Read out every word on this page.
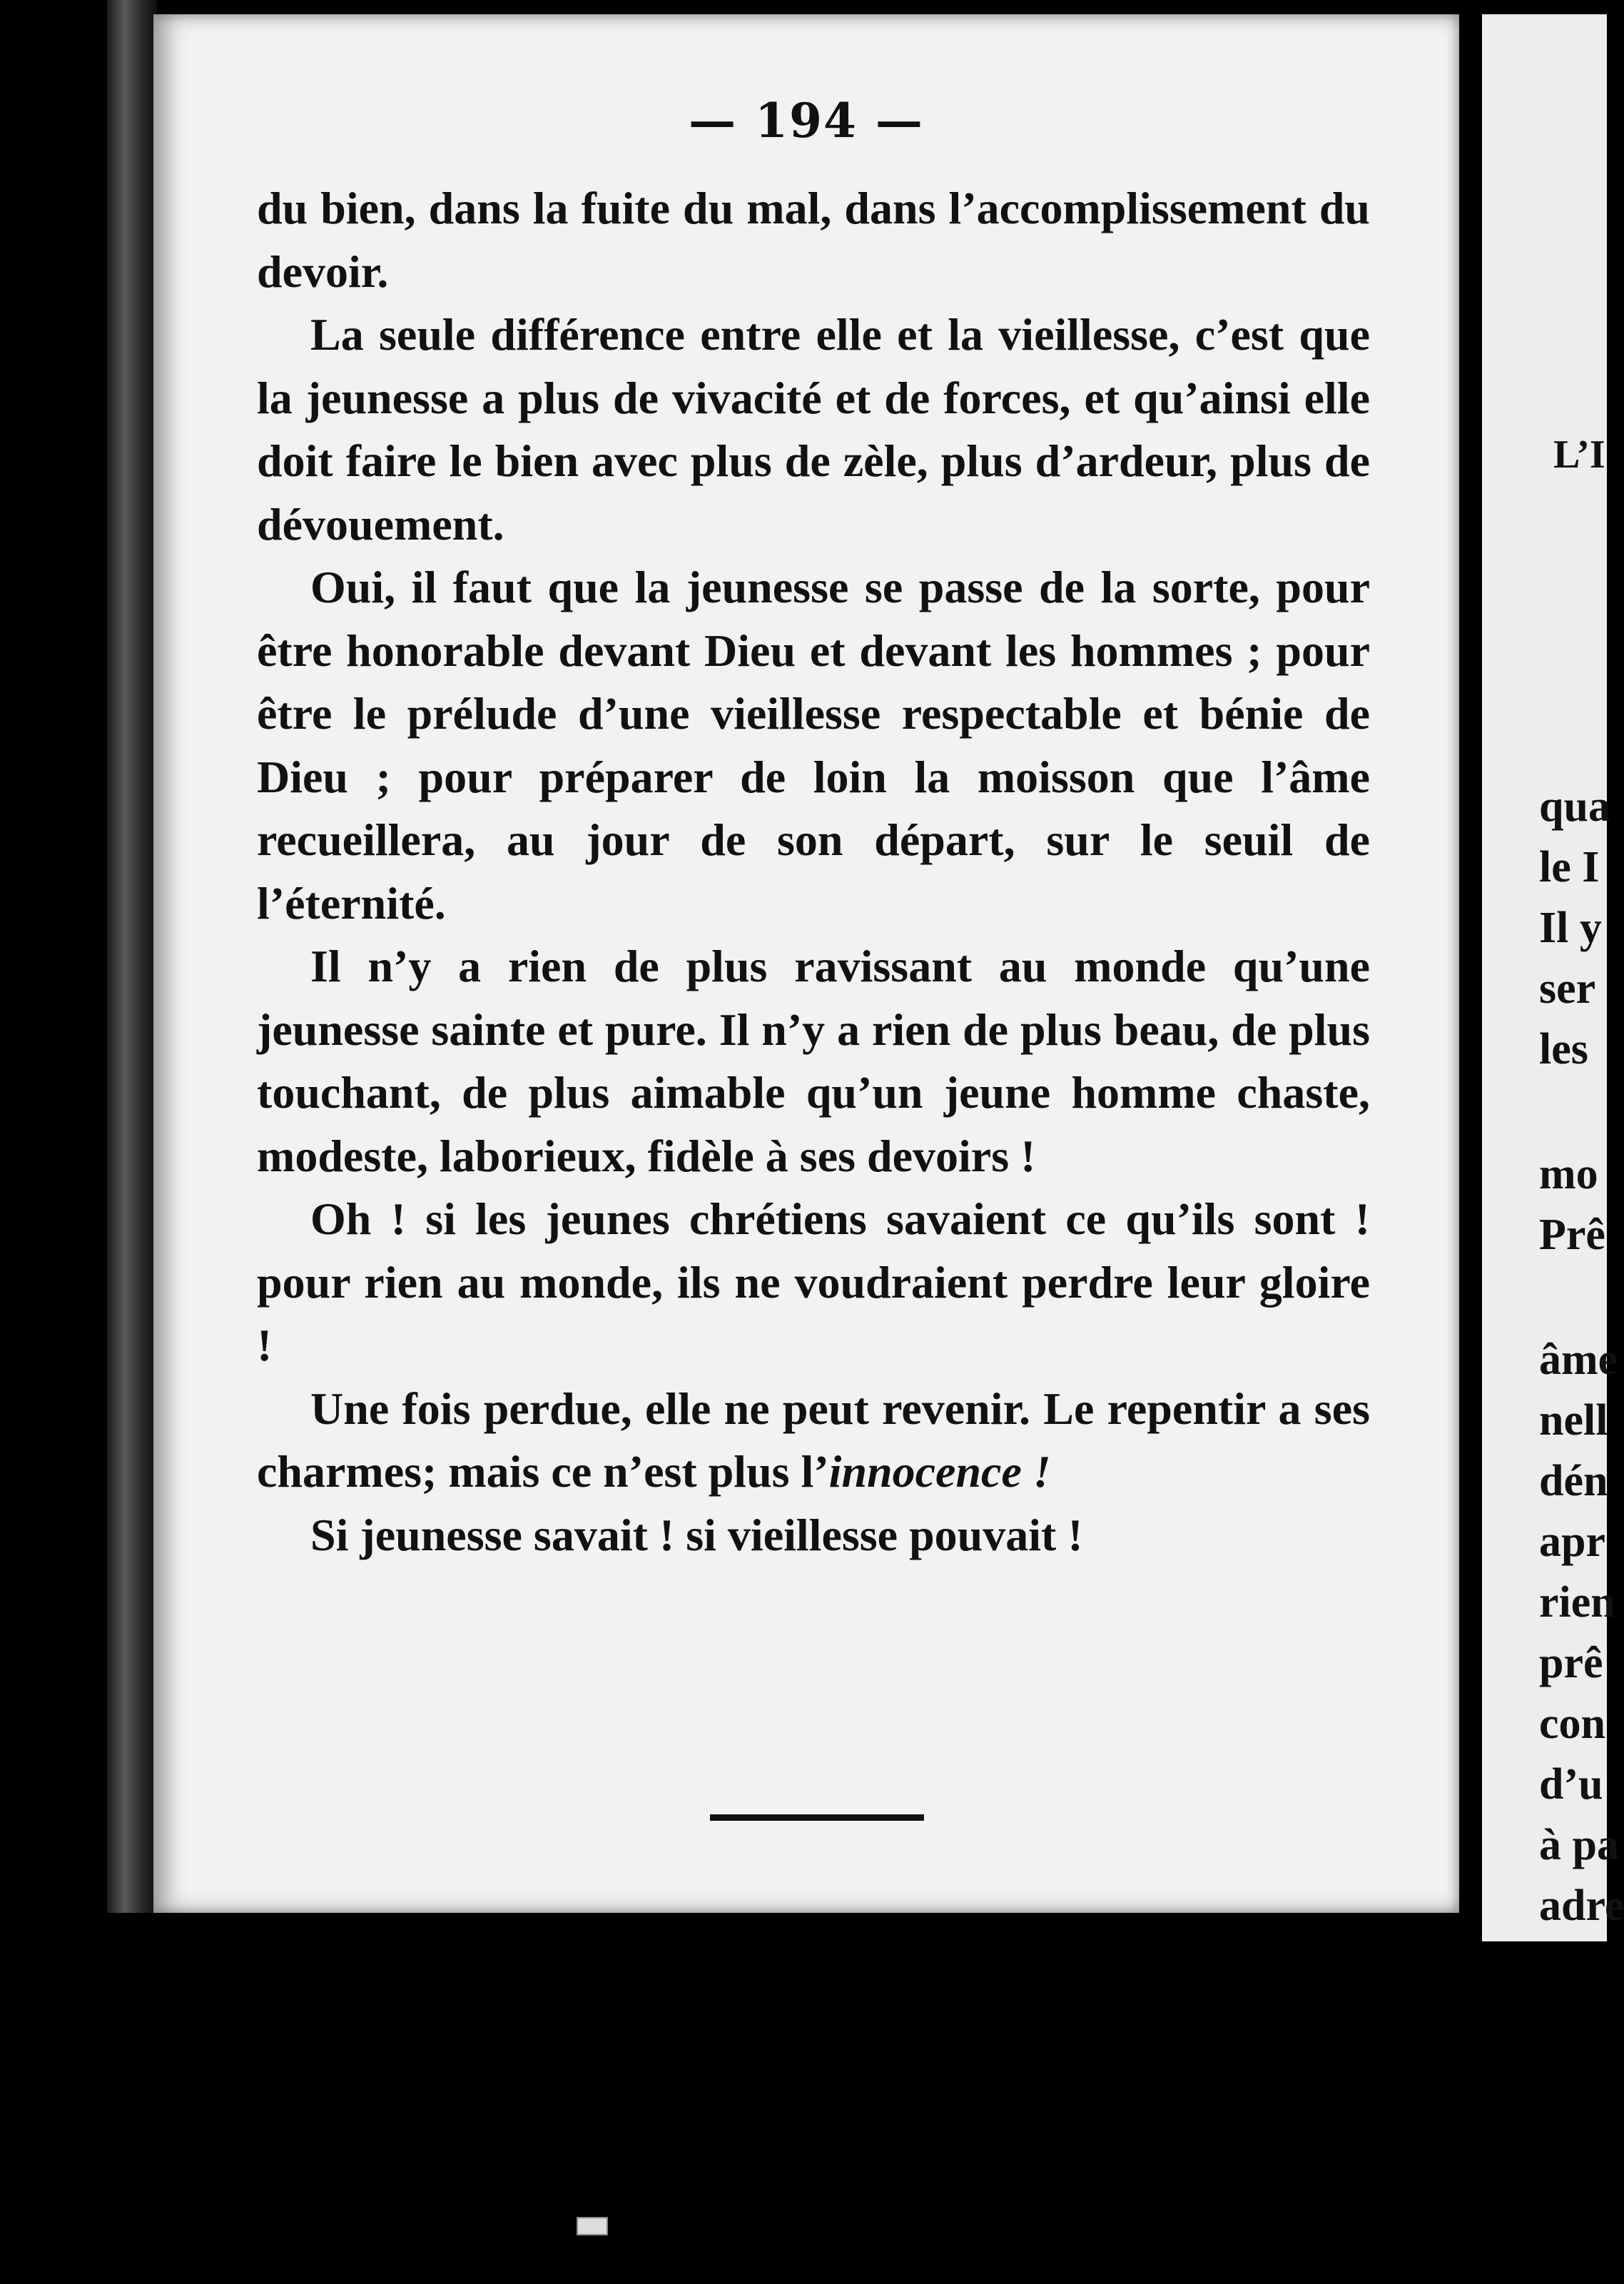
— 194 —

du bien, dans la fuite du mal, dans l’accomplissement du devoir.

La seule différence entre elle et la vieillesse, c’est que la jeunesse a plus de vivacité et de forces, et qu’ainsi elle doit faire le bien avec plus de zèle, plus d’ardeur, plus de dévouement.

Oui, il faut que la jeunesse se passe de la sorte, pour être honorable devant Dieu et devant les hommes ; pour être le prélude d’une vieillesse respectable et bénie de Dieu ; pour préparer de loin la moisson que l’âme recueillera, au jour de son départ, sur le seuil de l’éternité.

Il n’y a rien de plus ravissant au monde qu’une jeunesse sainte et pure. Il n’y a rien de plus beau, de plus touchant, de plus aimable qu’un jeune homme chaste, modeste, laborieux, fidèle à ses devoirs !

Oh ! si les jeunes chrétiens savaient ce qu’ils sont ! pour rien au monde, ils ne voudraient perdre leur gloire !

Une fois perdue, elle ne peut revenir. Le repentir a ses charmes; mais ce n’est plus l’innocence !

Si jeunesse savait ! si vieillesse pouvait !

L’I
qua
le I
Il y
ser
les
mo
Prê
âme
nell
dén
apr
rien
prê
con
d’u
à pa
adre
